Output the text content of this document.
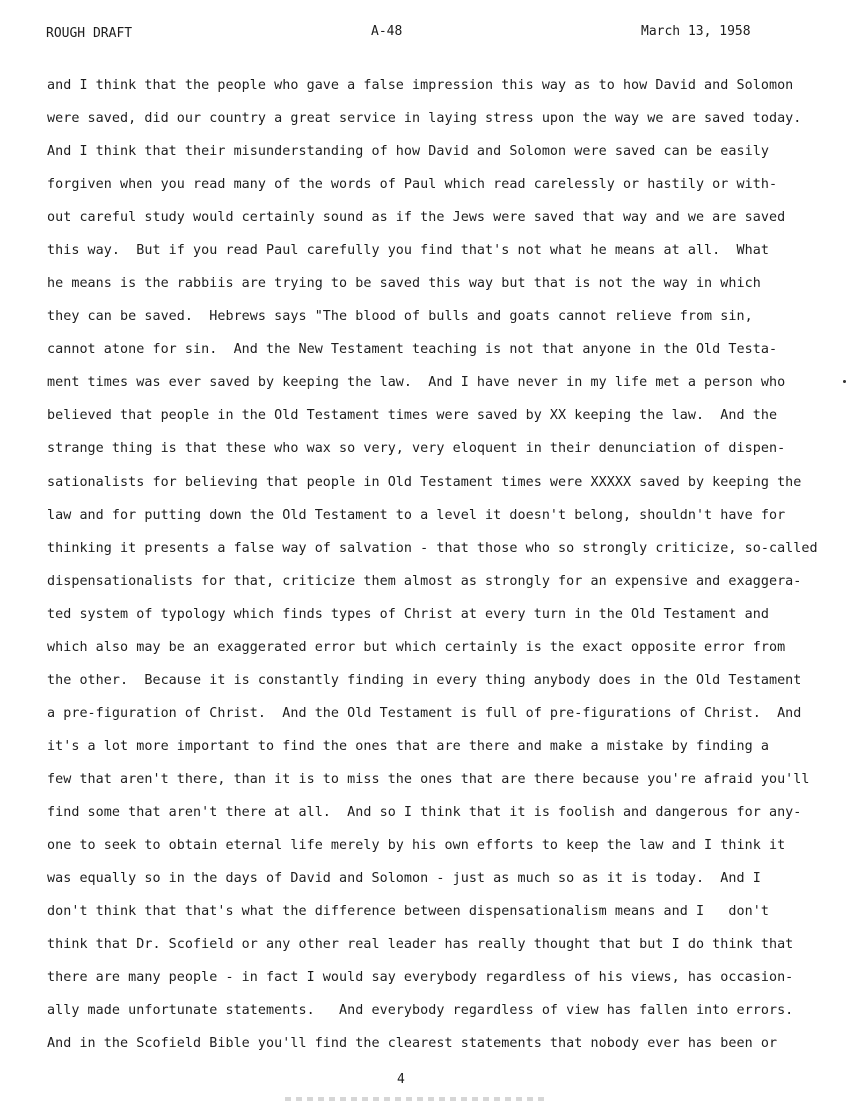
ROUGH DRAFT	A-48	March 13, 1958
and I think that the people who gave a false impression this way as to how David and Solomon
were saved, did our country a great service in laying stress upon the way we are saved today.
And I think that their misunderstanding of how David and Solomon were saved can be easily
forgiven when you read many of the words of Paul which read carelessly or hastily or with-
out careful study would certainly sound as if the Jews were saved that way and we are saved
this way.  But if you read Paul carefully you find that's not what he means at all.  What
he means is the rabbiis are trying to be saved this way but that is not the way in which
they can be saved.  Hebrews says "The blood of bulls and goats cannot relieve from sin,
cannot atone for sin.  And the New Testament teaching is not that anyone in the Old Testa-
ment times was ever saved by keeping the law.  And I have never in my life met a person who
believed that people in the Old Testament times were saved by XX keeping the law.  And the
strange thing is that these who wax so very, very eloquent in their denunciation of dispen-
sationalists for believing that people in Old Testament times were XXXXX saved by keeping the
law and for putting down the Old Testament to a level it doesn't belong, shouldn't have for
thinking it presents a false way of salvation - that those who so strongly criticize, so-called
dispensationalists for that, criticize them almost as strongly for an expensive and exaggera-
ted system of typology which finds types of Christ at every turn in the Old Testament and
which also may be an exaggerated error but which certainly is the exact opposite error from
the other.  Because it is constantly finding in every thing anybody does in the Old Testament
a pre-figuration of Christ.  And the Old Testament is full of pre-figurations of Christ.  And
it's a lot more important to find the ones that are there and make a mistake by finding a
few that aren't there, than it is to miss the ones that are there because you're afraid you'll
find some that aren't there at all.  And so I think that it is foolish and dangerous for any-
one to seek to obtain eternal life merely by his own efforts to keep the law and I think it
was equally so in the days of David and Solomon - just as much so as it is today.  And I
don't think that that's what the difference between dispensationalism means and I   don't
think that Dr. Scofield or any other real leader has really thought that but I do think that
there are many people - in fact I would say everybody regardless of his views, has occasion-
ally made unfortunate statements.   And everybody regardless of view has fallen into errors.
And in the Scofield Bible you'll find the clearest statements that nobody ever has been or
4
